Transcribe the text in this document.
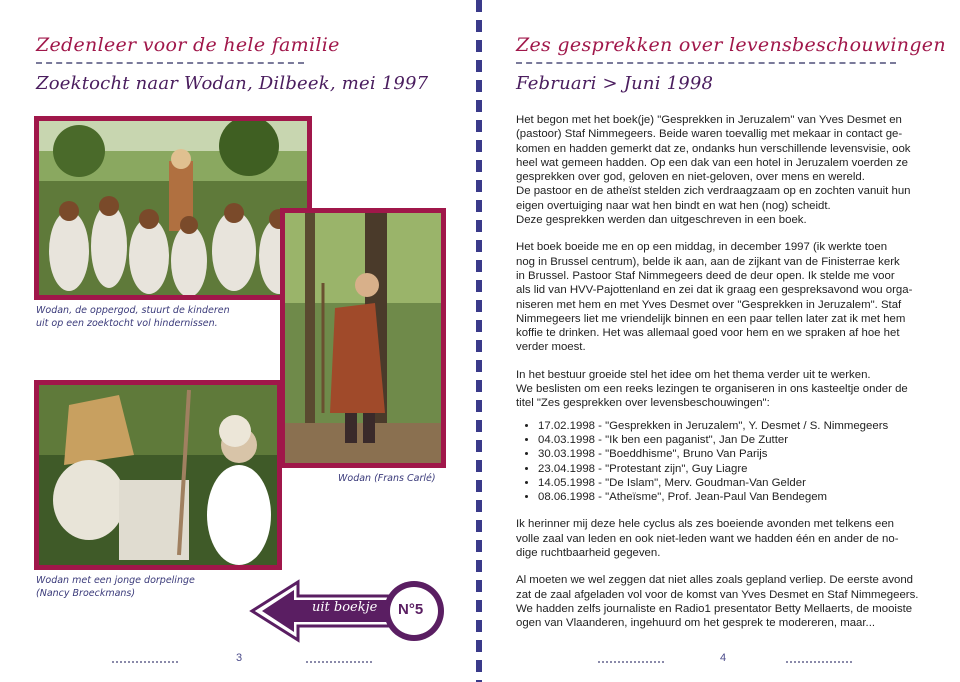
Zedenleer voor de hele familie
Zoektocht naar Wodan, Dilbeek, mei 1997
Wodan, de oppergod, stuurt de kinderen
uit op een zoektocht vol hindernissen.
Wodan (Frans Carlé)
Wodan met een jonge dorpelinge
(Nancy Broeckmans)
uit boekje N°5
3
Zes gesprekken over levensbeschouwingen
Februari > Juni 1998

Het begon met het boek(je) "Gesprekken in Jeruzalem" van Yves Desmet en
(pastoor) Staf Nimmegeers. Beide waren toevallig met mekaar in contact ge-
komen en hadden gemerkt dat ze, ondanks hun verschillende levensvisie, ook
heel wat gemeen hadden. Op een dak van een hotel in Jeruzalem voerden ze
gesprekken over god, geloven en niet-geloven, over mens en wereld.
De pastoor en de atheïst stelden zich verdraagzaam op en zochten vanuit hun
eigen overtuiging naar wat hen bindt en wat hen (nog) scheidt.
Deze gesprekken werden dan uitgeschreven in een boek.

Het boek boeide me en op een middag, in december 1997 (ik werkte toen
nog in Brussel centrum), belde ik aan, aan de zijkant van de Finisterrae kerk
in Brussel. Pastoor Staf Nimmegeers deed de deur open. Ik stelde me voor
als lid van HVV-Pajottenland en zei dat ik graag een gespreksavond wou orga-
niseren met hem en met Yves Desmet over "Gesprekken in Jeruzalem". Staf
Nimmegeers liet me vriendelijk binnen en een paar tellen later zat ik met hem
koffie te drinken. Het was allemaal goed voor hem en we spraken af hoe het
verder moest.

In het bestuur groeide stel het idee om het thema verder uit te werken.
We beslisten om een reeks lezingen te organiseren in ons kasteeltje onder de
titel "Zes gesprekken over levensbeschouwingen":

• 17.02.1998 - "Gesprekken in Jeruzalem", Y. Desmet / S. Nimmegeers
• 04.03.1998 - "Ik ben een paganist", Jan De Zutter
• 30.03.1998 - "Boeddhisme", Bruno Van Parijs
• 23.04.1998 - "Protestant zijn", Guy Liagre
• 14.05.1998 - "De Islam", Merv. Goudman-Van Gelder
• 08.06.1998 - "Atheïsme", Prof. Jean-Paul Van Bendegem

Ik herinner mij deze hele cyclus als zes boeiende avonden met telkens een
volle zaal van leden en ook niet-leden want we hadden één en ander de no-
dige ruchtbaarheid gegeven.

Al moeten we wel zeggen dat niet alles zoals gepland verliep. De eerste avond
zat de zaal afgeladen vol voor de komst van Yves Desmet en Staf Nimmegeers.
We hadden zelfs journaliste en Radio1 presentator Betty Mellaerts, de mooiste
ogen van Vlaanderen, ingehuurd om het gesprek te modereren, maar...

4
